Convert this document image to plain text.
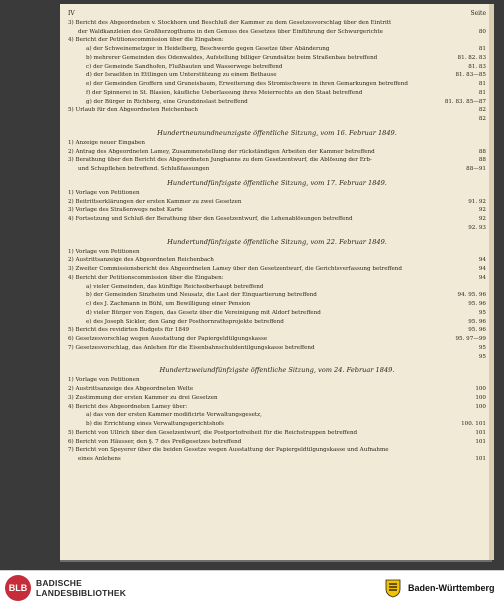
IV	Seite
3) Bericht des Abgeordneten v. Stockhorn und Beschluß der Kammer zu dem Gesetzesvorschlag über den Eintritt
der Waldkanzleien des Großherzogthums in den Genuss des Gesetzes über Einführung der Schwurgerichte	80
4) Bericht der Petitionscommission über die Eingaben:
a) der Schweinemetzger in Heidelberg, Beschwerde gegen Gesetze über Abänderung	81
b) mehrerer Gemeinden des Odenwaldes, Aufstellung billiger Grundsätze beim Straßenbau betreffend	81. 82. 83
c) der Gemeinde Sandhofen, Flußbauten und Wasserwege betreffend	81. 83
d) der Israeliten in Ettlingen um Unterstützung zu einem Bethause	81. 83—85
e) der Gemeinden Groffern und Gruneisbaum, Erweiterung des Stromischwere in ihren Gemarkungen betreffend	81
f) der Spinnerei in St. Blasien, käufliche Ueberlassung ihres Meierrechts an den Staat betreffend	81
g) der Bürger in Richberg, eine Grundzinslast betreffend	81. 83. 85—87
5) Urlaub für den Abgeordneten Reichenbach	82
82
Hundertneunundneunzigste öffentliche Sitzung, vom 16. Februar 1849.
1) Anzeige neuer Eingaben
2) Antrag des Abgeordneten Lamey, Zusammenstellung der rückständigen Arbeiten der Kammer betreffend	88
3) Berathung über den Bericht des Abgeordneten Junghanns zu dem Gesetzentwurf, die Ablösung der Erb-	88
und Schupflehen betreffend. Schlußfassungen	88—91
Hundertundfünfzigste öffentliche Sitzung, vom 17. Februar 1849.
1) Vorlage von Petitionen
2) Beitrittserklärungen der ersten Kammer zu zwei Gesetzen	91. 92
3) Vorlage des Straßenwegs nebst Karte	92
4) Fortsetzung und Schluß der Berathung über den Gesetzentwurf, die Lehenablösungen betreffend	92
92. 93
Hundertundfünfzigste öffentliche Sitzung, vom 22. Februar 1849.
1) Vorlage von Petitionen
2) Austrittsanzeige des Abgeordneten Reichenbach	94
3) Zweiter Commissionsbericht des Abgeordneten Lamey über den Gesetzentwurf, die Gerichtsverfassung betreffend	94
4) Bericht der Petitionscommission über die Eingaben:	94
a) vieler Gemeinden, das künftige Reichsoberhaupt betreffend
b) der Gemeinden Sinzheim und Neusatz, die Last der Einquartierung betreffend	94. 95. 96
c) des J. Zachmann in Bühl, um Bewilligung einer Pension	95. 96
d) vieler Bürger von Engen, das Gesetz über die Vereinigung mit Aldorf betreffend	95
e) des Joseph Sickler, den Gang der Posthornrathsprojekte betreffend	95. 96
5) Bericht des revidirten Budgets für 1849	95. 96
6) Gesetzesvorschlag wegen Ausstattung der Papiergeldtilgungskasse	95. 97—99
7) Gesetzesvorschlag, das Anlehen für die Eisenbahnschuldentilgungskasse betreffend	95
95
Hundertzweiundfünfzigste öffentliche Sitzung, vom 24. Februar 1849.
1) Vorlage von Petitionen
2) Austrittsanzeige des Abgeordneten Welte	100
3) Zustimmung der ersten Kammer zu drei Gesetzen	100
4) Bericht des Abgeordneten Lamey über:	100
a) das von der ersten Kammer modificirte Verwaltungsgesetz,
b) die Errichtung eines Verwaltungsgerichtshofs	100. 101
5) Bericht von Ullrich über den Gesetzentwurf, die Postportofreiheit für die Reichstruppen betreffend	101
6) Bericht von Häusser, den §. 7 des Preßgesetzes betreffend	101
7) Bericht von Speyerer über die beiden Gesetze wegen Ausstattung der Papiergeldtilgungskasse und Aufnahme
eines Anlehens	101
BLB	BADISCHE
LANDESBIBLIOTHEK	Baden-Württemberg
